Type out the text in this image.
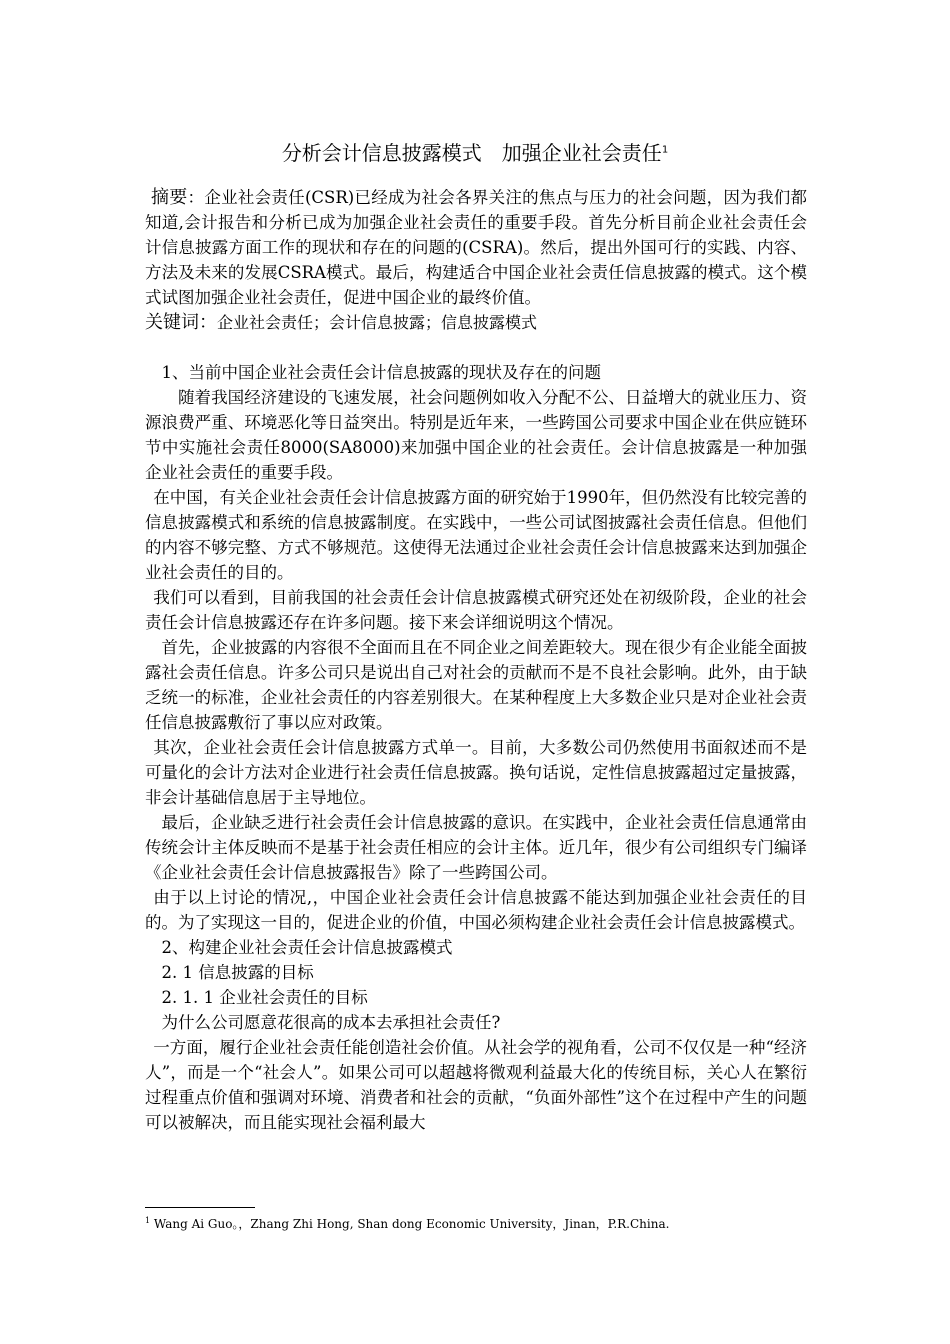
分析会计信息披露模式　加强企业社会责任$^1$

摘要：企业社会责任(CSR)已经成为社会各界关注的焦点与压力的社会问题，因为我们都知道,会计报告和分析已成为加强企业社会责任的重要手段。首先分析目前企业社会责任会计信息披露方面工作的现状和存在的问题的(CSRA)。然后，提出外国可行的实践、内容、方法及未来的发展CSRA模式。最后，构建适合中国企业社会责任信息披露的模式。这个模式试图加强企业社会责任，促进中国企业的最终价值。

关键词：企业社会责任；会计信息披露；信息披露模式

1、当前中国企业社会责任会计信息披露的现状及存在的问题

随着我国经济建设的飞速发展，社会问题例如收入分配不公、日益增大的就业压力、资源浪费严重、环境恶化等日益突出。特别是近年来，一些跨国公司要求中国企业在供应链环节中实施社会责任8000(SA8000)来加强中国企业的社会责任。会计信息披露是一种加强企业社会责任的重要手段。

在中国，有关企业社会责任会计信息披露方面的研究始于1990年，但仍然没有比较完善的信息披露模式和系统的信息披露制度。在实践中，一些公司试图披露社会责任信息。但他们的内容不够完整、方式不够规范。这使得无法通过企业社会责任会计信息披露来达到加强企业社会责任的目的。

我们可以看到，目前我国的社会责任会计信息披露模式研究还处在初级阶段，企业的社会责任会计信息披露还存在许多问题。接下来会详细说明这个情况。

首先，企业披露的内容很不全面而且在不同企业之间差距较大。现在很少有企业能全面披露社会责任信息。许多公司只是说出自己对社会的贡献而不是不良社会影响。此外，由于缺乏统一的标准，企业社会责任的内容差别很大。在某种程度上大多数企业只是对企业社会责任信息披露敷衍了事以应对政策。

其次，企业社会责任会计信息披露方式单一。目前，大多数公司仍然使用书面叙述而不是可量化的会计方法对企业进行社会责任信息披露。换句话说，定性信息披露超过定量披露，非会计基础信息居于主导地位。

最后，企业缺乏进行社会责任会计信息披露的意识。在实践中，企业社会责任信息通常由传统会计主体反映而不是基于社会责任相应的会计主体。近几年，很少有公司组织专门编译《企业社会责任会计信息披露报告》除了一些跨国公司。

由于以上讨论的情况,，中国企业社会责任会计信息披露不能达到加强企业社会责任的目的。为了实现这一目的，促进企业的价值，中国必须构建企业社会责任会计信息披露模式。

2、构建企业社会责任会计信息披露模式

2. 1 信息披露的目标

2. 1. 1 企业社会责任的目标

为什么公司愿意花很高的成本去承担社会责任?

一方面，履行企业社会责任能创造社会价值。从社会学的视角看，公司不仅仅是一种“经济人”，而是一个“社会人”。如果公司可以超越将微观利益最大化的传统目标，关心人在繁衍过程重点价值和强调对环境、消费者和社会的贡献，“负面外部性”这个在过程中产生的问题可以被解决，而且能实现社会福利最大

$^1$ Wang Ai Guo。，Zhang Zhi Hong, Shan dong Economic University，Jinan，P.R.China.
